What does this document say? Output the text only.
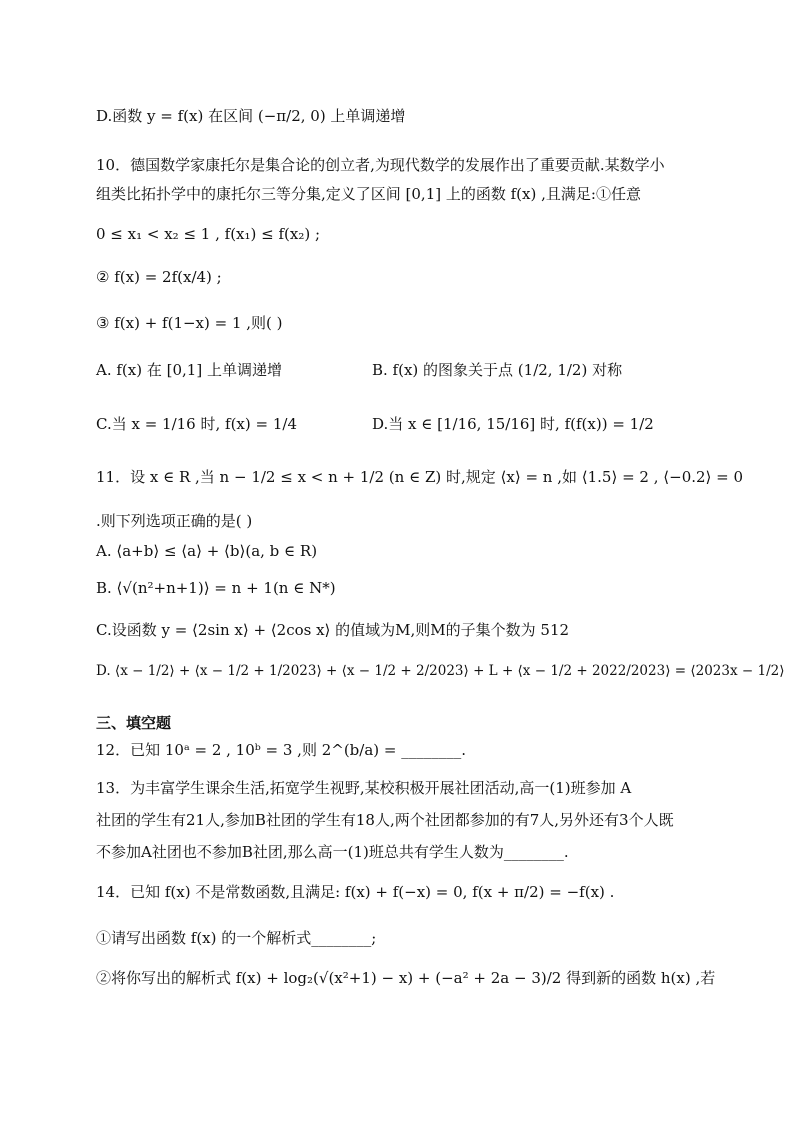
D.函数 y = f(x) 在区间 (−π/2, 0) 上单调递增
10．德国数学家康托尔是集合论的创立者,为现代数学的发展作出了重要贡献.某数学小
组类比拓扑学中的康托尔三等分集,定义了区间 [0,1] 上的函数 f(x) ,且满足:①任意
0 ≤ x₁ < x₂ ≤ 1 , f(x₁) ≤ f(x₂) ;
② f(x) = 2f(x/4) ;
③ f(x) + f(1−x) = 1 ,则( )
A. f(x) 在 [0,1] 上单调递增	B. f(x) 的图象关于点 (1/2, 1/2) 对称
C.当 x = 1/16 时, f(x) = 1/4	D.当 x ∈ [1/16, 15/16] 时, f(f(x)) = 1/2
11．设 x ∈ R ,当 n − 1/2 ≤ x < n + 1/2 (n ∈ Z) 时,规定 ⟨x⟩ = n ,如 ⟨1.5⟩ = 2 , ⟨−0.2⟩ = 0
.则下列选项正确的是( )
A. ⟨a+b⟩ ≤ ⟨a⟩ + ⟨b⟩(a, b ∈ R)
B. ⟨√(n²+n+1)⟩ = n + 1(n ∈ N*)
C.设函数 y = ⟨2sin x⟩ + ⟨2cos x⟩ 的值域为M,则M的子集个数为 512
D. ⟨x − 1/2⟩ + ⟨x − 1/2 + 1/2023⟩ + ⟨x − 1/2 + 2/2023⟩ + L + ⟨x − 1/2 + 2022/2023⟩ = ⟨2023x − 1/2⟩
三、填空题
12．已知 10ᵃ = 2 , 10ᵇ = 3 ,则 2^(b/a) = ________.
13．为丰富学生课余生活,拓宽学生视野,某校积极开展社团活动,高一(1)班参加 A
社团的学生有21人,参加B社团的学生有18人,两个社团都参加的有7人,另外还有3个人既
不参加A社团也不参加B社团,那么高一(1)班总共有学生人数为________.
14．已知 f(x) 不是常数函数,且满足: f(x) + f(−x) = 0, f(x + π/2) = −f(x) .
①请写出函数 f(x) 的一个解析式________;
②将你写出的解析式 f(x) + log₂(√(x²+1) − x) + (−a² + 2a − 3)/2 得到新的函数 h(x) ,若
